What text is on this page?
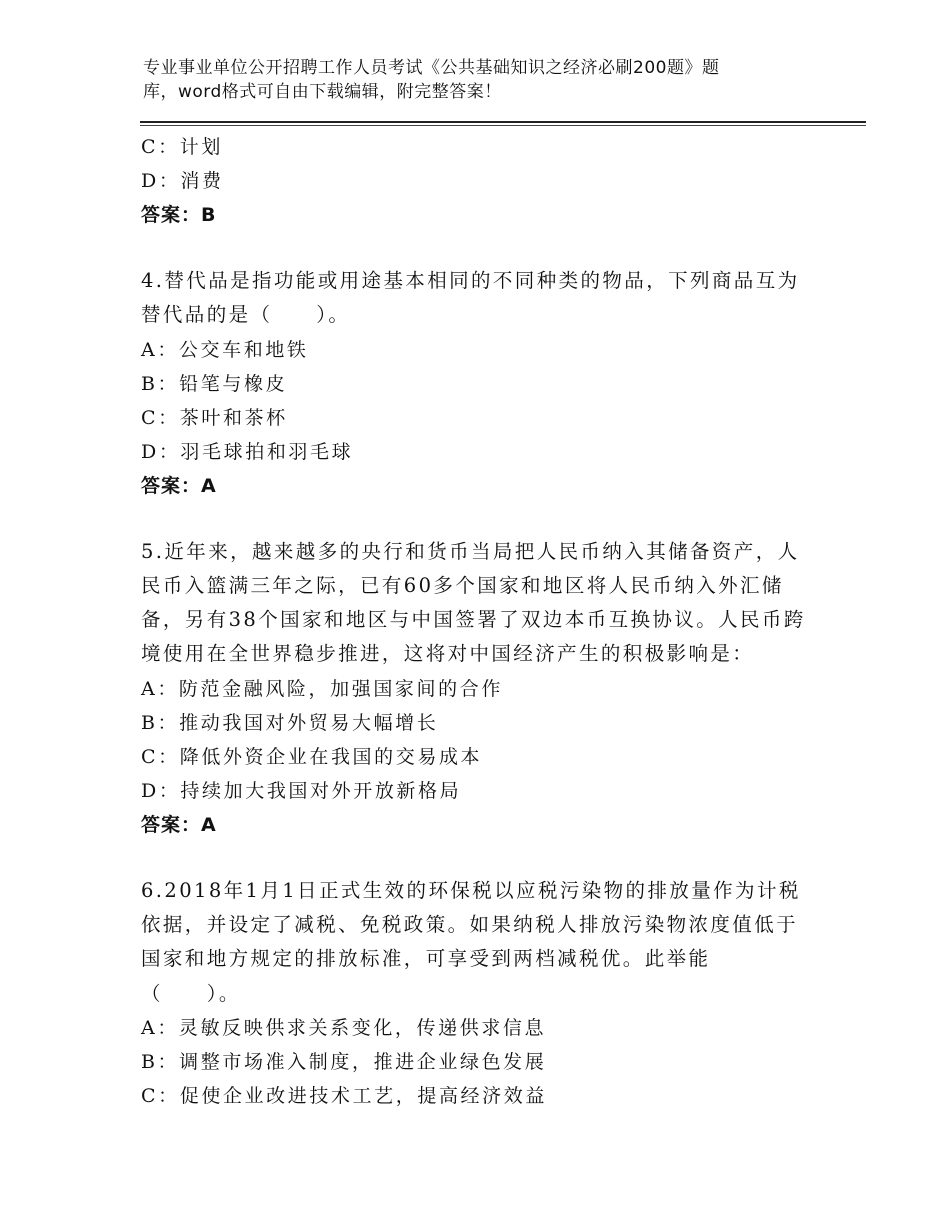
专业事业单位公开招聘工作人员考试《公共基础知识之经济必刷200题》题
库，word格式可自由下载编辑，附完整答案！
C：计划
D：消费
答案：B
4.替代品是指功能或用途基本相同的不同种类的物品，下列商品互为
替代品的是（　　）。
A：公交车和地铁
B：铅笔与橡皮
C：茶叶和茶杯
D：羽毛球拍和羽毛球
答案：A
5.近年来，越来越多的央行和货币当局把人民币纳入其储备资产，人
民币入篮满三年之际，已有60多个国家和地区将人民币纳入外汇储
备，另有38个国家和地区与中国签署了双边本币互换协议。人民币跨
境使用在全世界稳步推进，这将对中国经济产生的积极影响是：
A：防范金融风险，加强国家间的合作
B：推动我国对外贸易大幅增长
C：降低外资企业在我国的交易成本
D：持续加大我国对外开放新格局
答案：A
6.2018年1月1日正式生效的环保税以应税污染物的排放量作为计税
依据，并设定了减税、免税政策。如果纳税人排放污染物浓度值低于
国家和地方规定的排放标准，可享受到两档减税优。此举能
（　　）。
A：灵敏反映供求关系变化，传递供求信息
B：调整市场准入制度，推进企业绿色发展
C：促使企业改进技术工艺，提高经济效益
